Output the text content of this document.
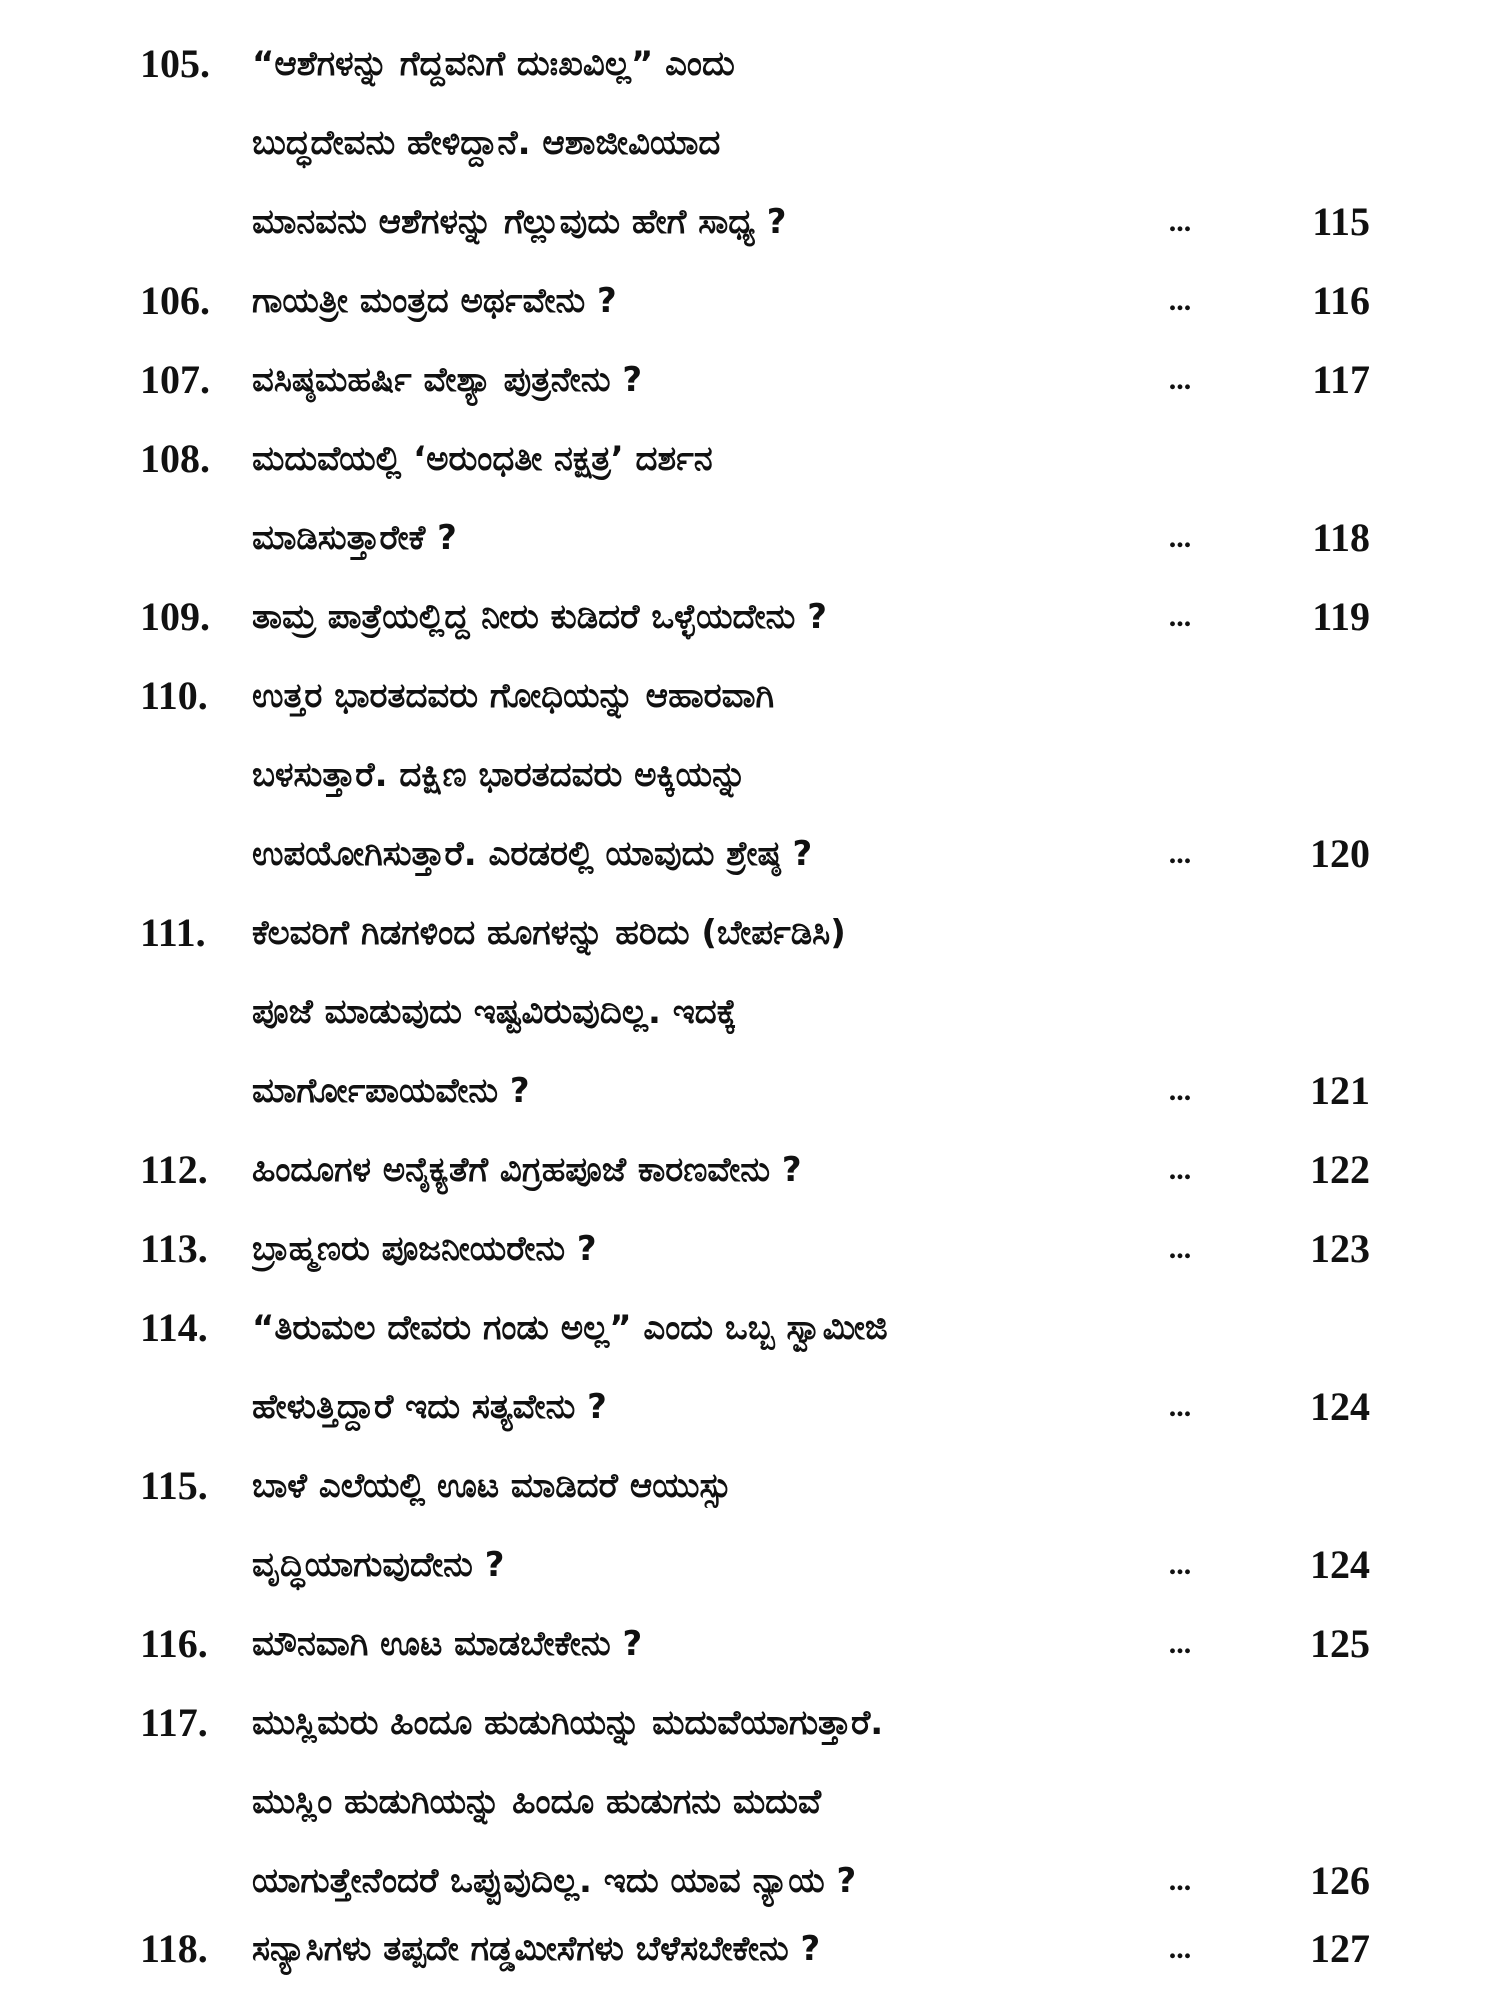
105.	“ಆಶೆಗಳನ್ನು ಗೆದ್ದವನಿಗೆ ದುಃಖವಿಲ್ಲ” ಎಂದು
ಬುದ್ಧದೇವನು ಹೇಳಿದ್ದಾನೆ. ಆಶಾಜೀವಿಯಾದ
ಮಾನವನು ಆಶೆಗಳನ್ನು ಗೆಲ್ಲುವುದು ಹೇಗೆ ಸಾಧ್ಯ ?	...	115
106.	ಗಾಯತ್ರೀ ಮಂತ್ರದ ಅರ್ಥವೇನು ?	...	116
107.	ವಸಿಷ್ಠಮಹರ್ಷಿ ವೇಶ್ಯಾ ಪುತ್ರನೇನು ?	...	117
108.	ಮದುವೆಯಲ್ಲಿ ‘ಅರುಂಧತೀ ನಕ್ಷತ್ರ’ ದರ್ಶನ
ಮಾಡಿಸುತ್ತಾರೇಕೆ ?	...	118
109.	ತಾಮ್ರ ಪಾತ್ರೆಯಲ್ಲಿದ್ದ ನೀರು ಕುಡಿದರೆ ಒಳ್ಳೆಯದೇನು ?	...	119
110.	ಉತ್ತರ ಭಾರತದವರು ಗೋಧಿಯನ್ನು ಆಹಾರವಾಗಿ
ಬಳಸುತ್ತಾರೆ. ದಕ್ಷಿಣ ಭಾರತದವರು ಅಕ್ಕಿಯನ್ನು
ಉಪಯೋಗಿಸುತ್ತಾರೆ. ಎರಡರಲ್ಲಿ ಯಾವುದು ಶ್ರೇಷ್ಠ ?	...	120
111.	ಕೆಲವರಿಗೆ ಗಿಡಗಳಿಂದ ಹೂಗಳನ್ನು ಹರಿದು (ಬೇರ್ಪಡಿಸಿ)
ಪೂಜೆ ಮಾಡುವುದು ಇಷ್ಟವಿರುವುದಿಲ್ಲ. ಇದಕ್ಕೆ
ಮಾರ್ಗೋಪಾಯವೇನು ?	...	121
112.	ಹಿಂದೂಗಳ ಅನೈಕ್ಯತೆಗೆ ವಿಗ್ರಹಪೂಜೆ ಕಾರಣವೇನು ?	...	122
113.	ಬ್ರಾಹ್ಮಣರು ಪೂಜನೀಯರೇನು ?	...	123
114.	“ತಿರುಮಲ ದೇವರು ಗಂಡು ಅಲ್ಲ” ಎಂದು ಒಬ್ಬ ಸ್ವಾಮೀಜಿ
ಹೇಳುತ್ತಿದ್ದಾರೆ ಇದು ಸತ್ಯವೇನು ?	...	124
115.	ಬಾಳೆ ಎಲೆಯಲ್ಲಿ ಊಟ ಮಾಡಿದರೆ ಆಯುಸ್ಸು
ವೃದ್ಧಿಯಾಗುವುದೇನು ?	...	124
116.	ಮೌನವಾಗಿ ಊಟ ಮಾಡಬೇಕೇನು ?	...	125
117.	ಮುಸ್ಲಿಮರು ಹಿಂದೂ ಹುಡುಗಿಯನ್ನು ಮದುವೆಯಾಗುತ್ತಾರೆ.
ಮುಸ್ಲಿಂ ಹುಡುಗಿಯನ್ನು ಹಿಂದೂ ಹುಡುಗನು ಮದುವೆ
ಯಾಗುತ್ತೇನೆಂದರೆ ಒಪ್ಪುವುದಿಲ್ಲ. ಇದು ಯಾವ ನ್ಯಾಯ ?	...	126
118.	ಸನ್ಯಾಸಿಗಳು ತಪ್ಪದೇ ಗಡ್ಡಮೀಸೆಗಳು ಬೆಳೆಸಬೇಕೇನು ?	...	127
